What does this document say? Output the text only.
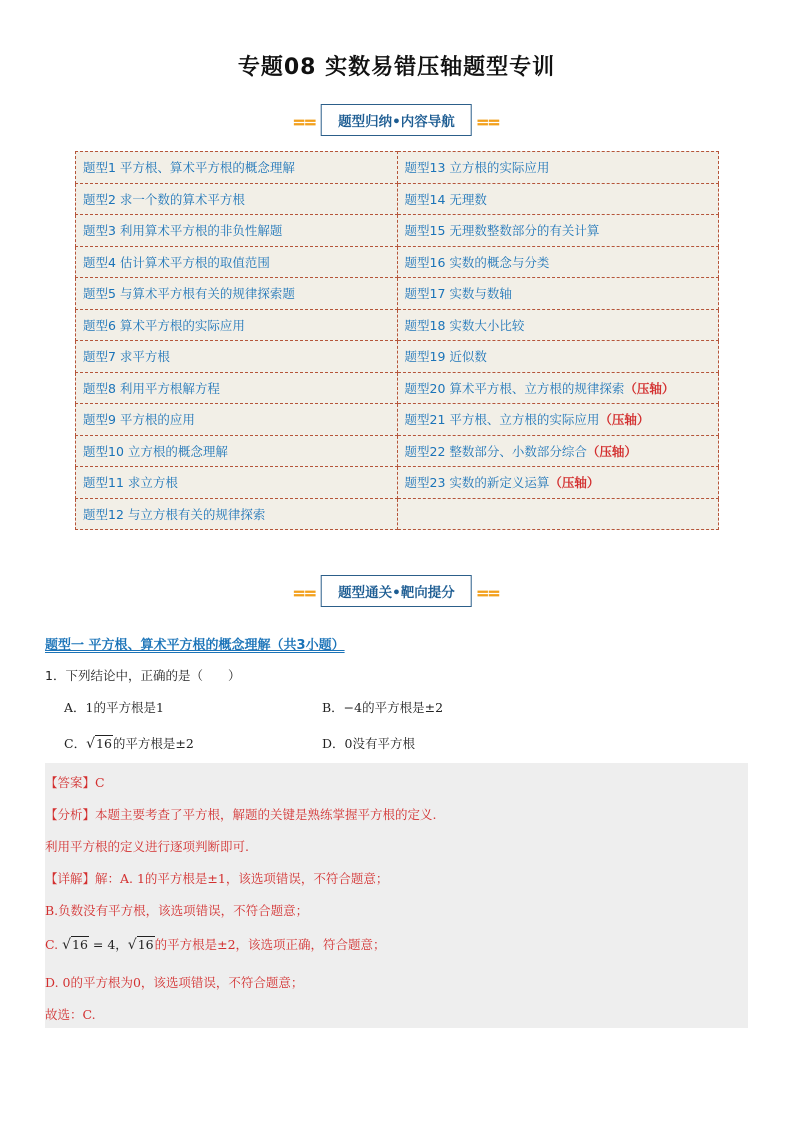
专题08 实数易错压轴题型专训
⩵	题型归纳•内容导航	⩵
题型1 平方根、算术平方根的概念理解	题型13 立方根的实际应用
题型2 求一个数的算术平方根	题型14 无理数
题型3 利用算术平方根的非负性解题	题型15 无理数整数部分的有关计算
题型4 估计算术平方根的取值范围	题型16 实数的概念与分类
题型5 与算术平方根有关的规律探索题	题型17 实数与数轴
题型6 算术平方根的实际应用	题型18 实数大小比较
题型7 求平方根	题型19 近似数
题型8 利用平方根解方程	题型20 算术平方根、立方根的规律探索（压轴）
题型9 平方根的应用	题型21 平方根、立方根的实际应用（压轴）
题型10 立方根的概念理解	题型22 整数部分、小数部分综合（压轴）
题型11 求立方根	题型23 实数的新定义运算（压轴）
题型12 与立方根有关的规律探索	
⩵	题型通关•靶向提分	⩵
题型一 平方根、算术平方根的概念理解（共3小题）
1．下列结论中，正确的是（　　）
A．1的平方根是1	B．−4的平方根是±2
C．√16的平方根是±2	D．0没有平方根
【答案】C
【分析】本题主要考查了平方根，解题的关键是熟练掌握平方根的定义.
利用平方根的定义进行逐项判断即可.
【详解】解：A. 1的平方根是±1，该选项错误，不符合题意；
B.负数没有平方根，该选项错误，不符合题意；
C. √16 = 4，√16的平方根是±2，该选项正确，符合题意；
D. 0的平方根为0，该选项错误，不符合题意；
故选：C.
